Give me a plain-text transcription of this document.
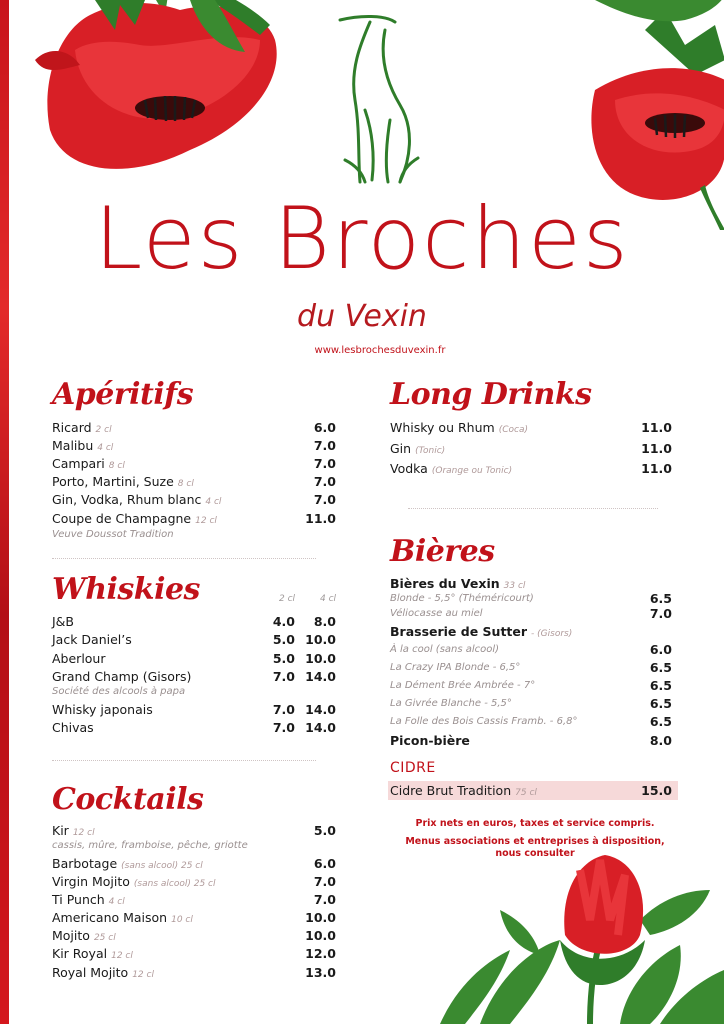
Les Broches
du Vexin
www.lesbrochesduvexin.fr
Apéritifs
Ricard 2 cl	6.0
Malibu 4 cl	7.0
Campari 8 cl	7.0
Porto, Martini, Suze 8 cl	7.0
Gin, Vodka, Rhum blanc 4 cl	7.0
Coupe de Champagne 12 cl	11.0
Veuve Doussot Tradition
Whiskies	2 cl	4 cl
J&B	4.0	8.0
Jack Daniel’s	5.0 10.0
Aberlour	5.0 10.0
Grand Champ (Gisors)	7.0 14.0
Société des alcools à papa
Whisky japonais	7.0 14.0
Chivas	7.0 14.0
Cocktails
Kir 12 cl	5.0
cassis, mûre, framboise, pêche, griotte
Barbotage (sans alcool) 25 cl	6.0
Virgin Mojito (sans alcool) 25 cl	7.0
Ti Punch 4 cl	7.0
Americano Maison 10 cl	10.0
Mojito 25 cl	10.0
Kir Royal 12 cl	12.0
Royal Mojito 12 cl	13.0
Long Drinks
Whisky ou Rhum (Coca)	11.0
Gin (Tonic)	11.0
Vodka (Orange ou Tonic)	11.0
Bières
Bières du Vexin 33 cl
Blonde - 5,5° (Théméricourt)	6.5
Véliocasse au miel	7.0
Brasserie de Sutter - (Gisors)
À la cool (sans alcool)	6.0
La Crazy IPA Blonde - 6,5°	6.5
La Dément Brée Ambrée - 7°	6.5
La Givrée Blanche - 5,5°	6.5
La Folle des Bois Cassis Framb. - 6,8°	6.5
Picon-bière	8.0
CIDRE
Cidre Brut Tradition 75 cl	15.0
Prix nets en euros, taxes et service compris.
Menus associations et entreprises à disposition,
nous consulter
